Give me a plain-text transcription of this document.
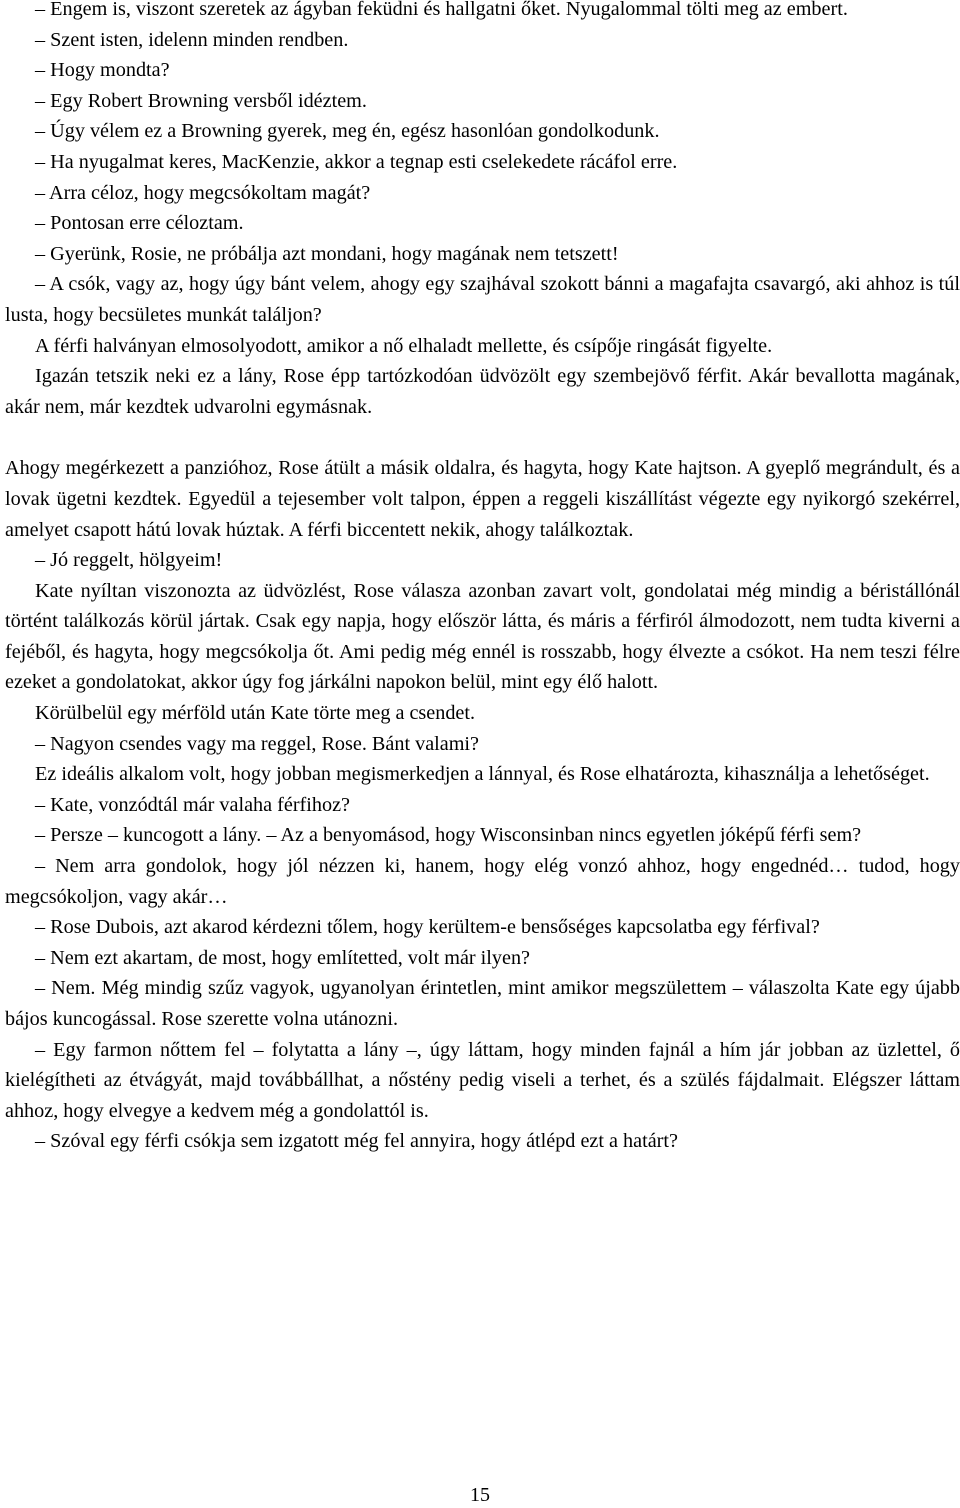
– Engem is, viszont szeretek az ágyban feküdni és hallgatni őket. Nyugalommal tölti meg az embert.

– Szent isten, idelenn minden rendben.

– Hogy mondta?

– Egy Robert Browning versből idéztem.

– Úgy vélem ez a Browning gyerek, meg én, egész hasonlóan gondolkodunk.

– Ha nyugalmat keres, MacKenzie, akkor a tegnap esti cselekedete rácáfol erre.

– Arra céloz, hogy megcsókoltam magát?

– Pontosan erre céloztam.

– Gyerünk, Rosie, ne próbálja azt mondani, hogy magának nem tetszett!

– A csók, vagy az, hogy úgy bánt velem, ahogy egy szajhával szokott bánni a magafajta csavargó, aki ahhoz is túl lusta, hogy becsületes munkát találjon?

A férfi halványan elmosolyodott, amikor a nő elhaladt mellette, és csípője ringását figyelte.

Igazán tetszik neki ez a lány, Rose épp tartózkodóan üdvözölt egy szembejövő férfit. Akár bevallotta magának, akár nem, már kezdtek udvarolni egymásnak.

Ahogy megérkezett a panzióhoz, Rose átült a másik oldalra, és hagyta, hogy Kate hajtson. A gyeplő megrándult, és a lovak ügetni kezdtek. Egyedül a tejesember volt talpon, éppen a reggeli kiszállítást végezte egy nyikorgó szekérrel, amelyet csapott hátú lovak húztak. A férfi biccentett nekik, ahogy találkoztak.

– Jó reggelt, hölgyeim!

Kate nyíltan viszonozta az üdvözlést, Rose válasza azonban zavart volt, gondolatai még mindig a béristállónál történt találkozás körül jártak. Csak egy napja, hogy először látta, és máris a férfiról álmodozott, nem tudta kiverni a fejéből, és hagyta, hogy megcsókolja őt. Ami pedig még ennél is rosszabb, hogy élvezte a csókot. Ha nem teszi félre ezeket a gondolatokat, akkor úgy fog járkálni napokon belül, mint egy élő halott.

Körülbelül egy mérföld után Kate törte meg a csendet.

– Nagyon csendes vagy ma reggel, Rose. Bánt valami?

Ez ideális alkalom volt, hogy jobban megismerkedjen a lánnyal, és Rose elhatározta, kihasználja a lehetőséget.

– Kate, vonzódtál már valaha férfihoz?

– Persze – kuncogott a lány. – Az a benyomásod, hogy Wisconsinban nincs egyetlen jóképű férfi sem?

– Nem arra gondolok, hogy jól nézzen ki, hanem, hogy elég vonzó ahhoz, hogy engednéd… tudod, hogy megcsókoljon, vagy akár…

– Rose Dubois, azt akarod kérdezni tőlem, hogy kerültem-e bensőséges kapcsolatba egy férfival?

– Nem ezt akartam, de most, hogy említetted, volt már ilyen?

– Nem. Még mindig szűz vagyok, ugyanolyan érintetlen, mint amikor megszülettem – válaszolta Kate egy újabb bájos kuncogással. Rose szerette volna utánozni.

– Egy farmon nőttem fel – folytatta a lány –, úgy láttam, hogy minden fajnál a hím jár jobban az üzlettel, ő kielégítheti az étvágyát, majd továbbállhat, a nőstény pedig viseli a terhet, és a szülés fájdalmait. Elégszer láttam ahhoz, hogy elvegye a kedvem még a gondolattól is.

– Szóval egy férfi csókja sem izgatott még fel annyira, hogy átlépd ezt a határt?

15
